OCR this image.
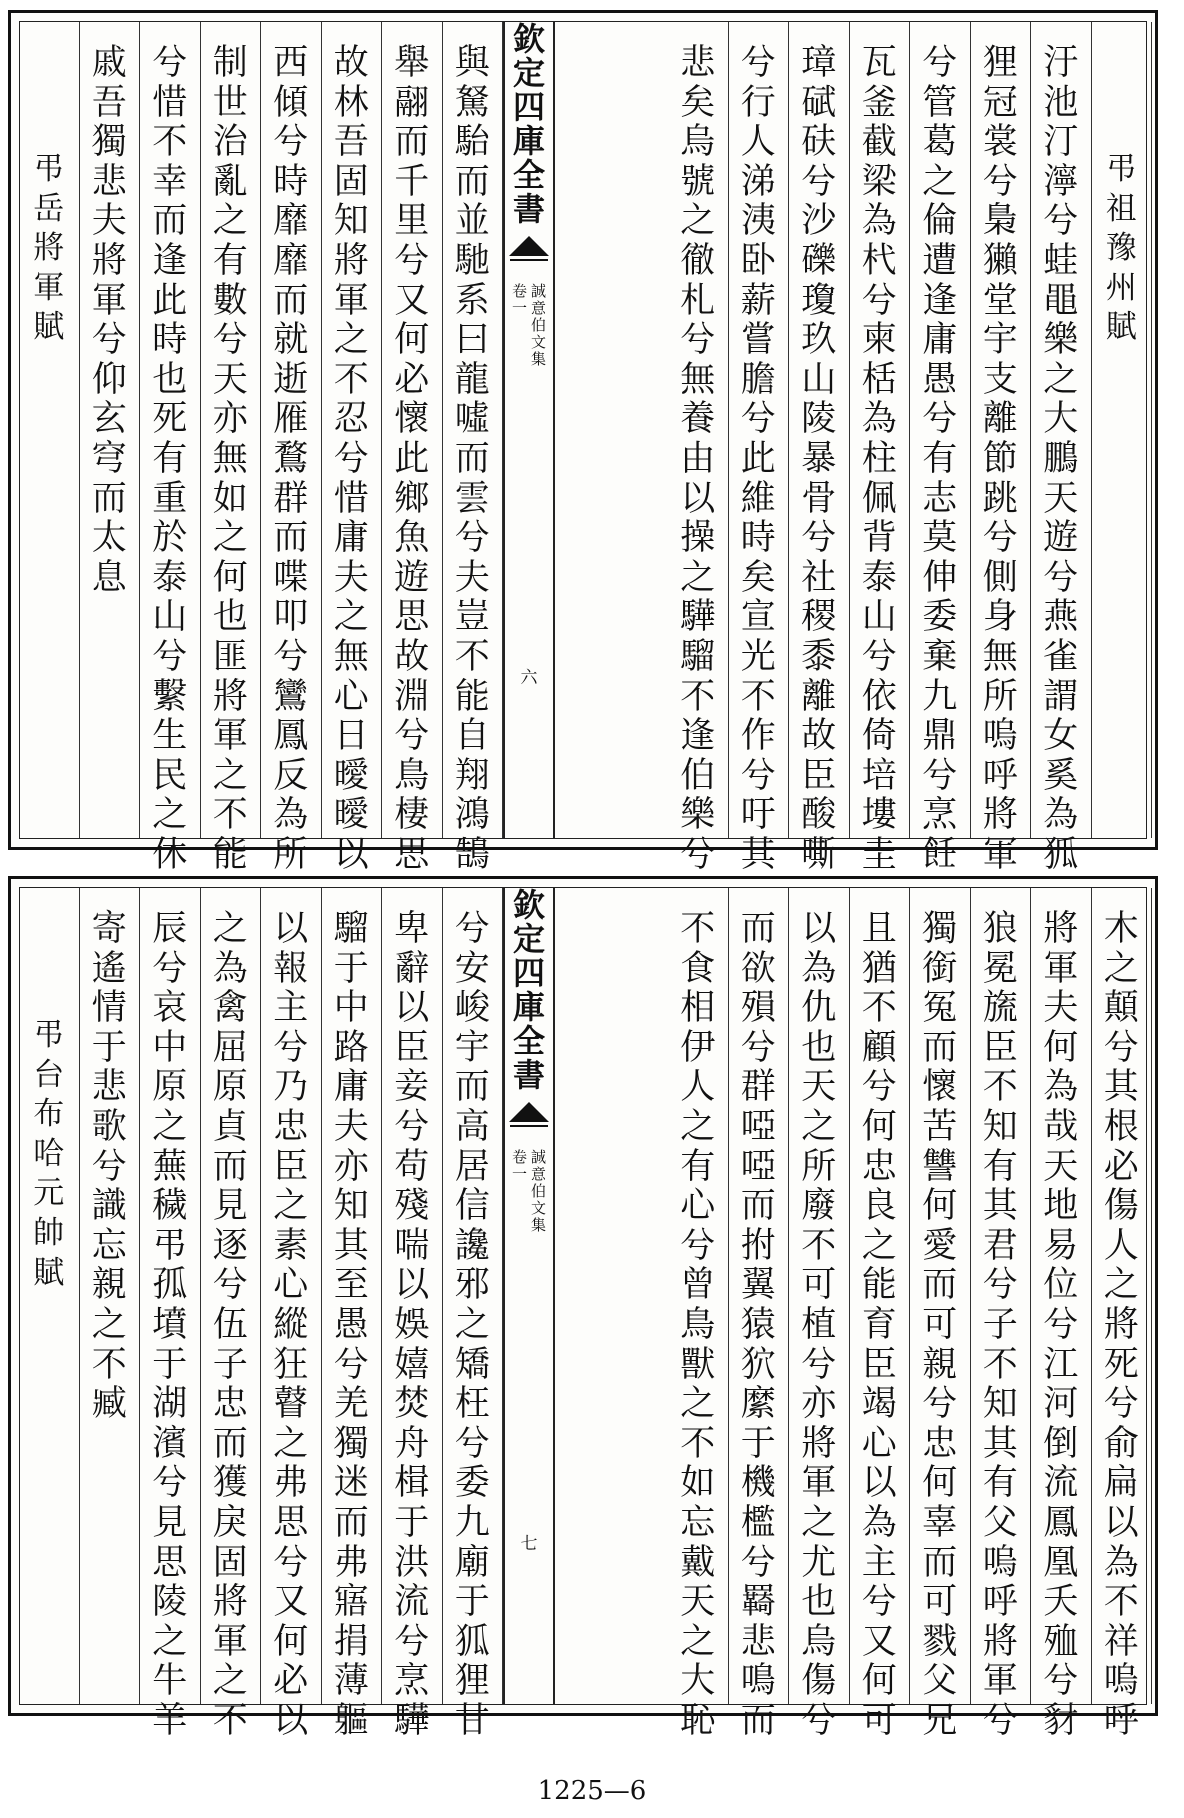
弔
祖
豫
州
賦
汙
池
汀
濘
兮
蛙
黽
樂
之
大
鵬
天
遊
兮
燕
雀
謂
女
奚
為
狐
狸
冠
裳
兮
梟
獺
堂
宇
支
離
節
跳
兮
側
身
無
所
嗚
呼
將
軍
兮
管
葛
之
倫
遭
逢
庸
愚
兮
有
志
莫
伸
委
棄
九
鼎
兮
烹
飪
瓦
釜
截
梁
為
杙
兮
柬
栝
為
柱
佩
背
泰
山
兮
依
倚
培
塿
圭
璋
碔
砆
兮
沙
礫
瓊
玖
山
陵
暴
骨
兮
社
稷
黍
離
故
臣
酸
嘶
兮
行
人
涕
洟
卧
薪
嘗
膽
兮
此
維
時
矣
宣
光
不
作
兮
吁
其
悲
矣
烏
號
之
徹
札
兮
無
養
由
以
操
之
驊
騮
不
逢
伯
樂
兮
與
駑
駘
而
並
馳
系
曰
龍
噓
而
雲
兮
夫
豈
不
能
自
翔
鴻
鵠
舉
翮
而
千
里
兮
又
何
必
懷
此
鄉
魚
遊
思
故
淵
兮
鳥
棲
思
故
林
吾
固
知
將
軍
之
不
忍
兮
惜
庸
夫
之
無
心
日
曖
曖
以
西
傾
兮
時
靡
靡
而
就
逝
雁
鶩
群
而
喋
叩
兮
鸞
鳳
反
為
所
制
世
治
亂
之
有
數
兮
天
亦
無
如
之
何
也
匪
將
軍
之
不
能
兮
惜
不
幸
而
逢
此
時
也
死
有
重
於
泰
山
兮
繫
生
民
之
休
戚
吾
獨
悲
夫
將
軍
兮
仰
玄
穹
而
太
息
弔
岳
將
軍
賦
欽
定
四
庫
全
書
誠
意
伯
文
集
卷
一
六
木
之
顛
兮
其
根
必
傷
人
之
將
死
兮
俞
扁
以
為
不
祥
嗚
呼
將
軍
夫
何
為
哉
天
地
易
位
兮
江
河
倒
流
鳳
凰
夭
殈
兮
豺
狼
冕
旒
臣
不
知
有
其
君
兮
子
不
知
其
有
父
嗚
呼
將
軍
兮
獨
銜
冤
而
懷
苦
讐
何
愛
而
可
親
兮
忠
何
辜
而
可
戮
父
兄
且
猶
不
顧
兮
何
忠
良
之
能
育
臣
竭
心
以
為
主
兮
又
何
可
以
為
仇
也
天
之
所
廢
不
可
植
兮
亦
將
軍
之
尤
也
烏
傷
兮
而
欲
殞
兮
群
啞
啞
而
拊
翼
猿
狖
縻
于
機
檻
兮
羇
悲
鳴
而
不
食
相
伊
人
之
有
心
兮
曾
鳥
獸
之
不
如
忘
戴
天
之
大
恥
兮
安
峻
宇
而
高
居
信
讒
邪
之
矯
枉
兮
委
九
廟
于
狐
狸
甘
卑
辭
以
臣
妾
兮
苟
殘
喘
以
娛
嬉
焚
舟
楫
于
洪
流
兮
烹
驊
騮
于
中
路
庸
夫
亦
知
其
至
愚
兮
羌
獨
迷
而
弗
寤
捐
薄
軀
以
報
主
兮
乃
忠
臣
之
素
心
縱
狂
瞽
之
弗
思
兮
又
何
必
以
之
為
禽
屈
原
貞
而
見
逐
兮
伍
子
忠
而
獲
戾
固
將
軍
之
不
辰
兮
哀
中
原
之
蕪
穢
弔
孤
墳
于
湖
濱
兮
見
思
陵
之
牛
羊
寄
遙
情
于
悲
歌
兮
識
忘
親
之
不
臧
弔
台
布
哈
元
帥
賦
欽
定
四
庫
全
書
誠
意
伯
文
集
卷
一
七
1225—6
